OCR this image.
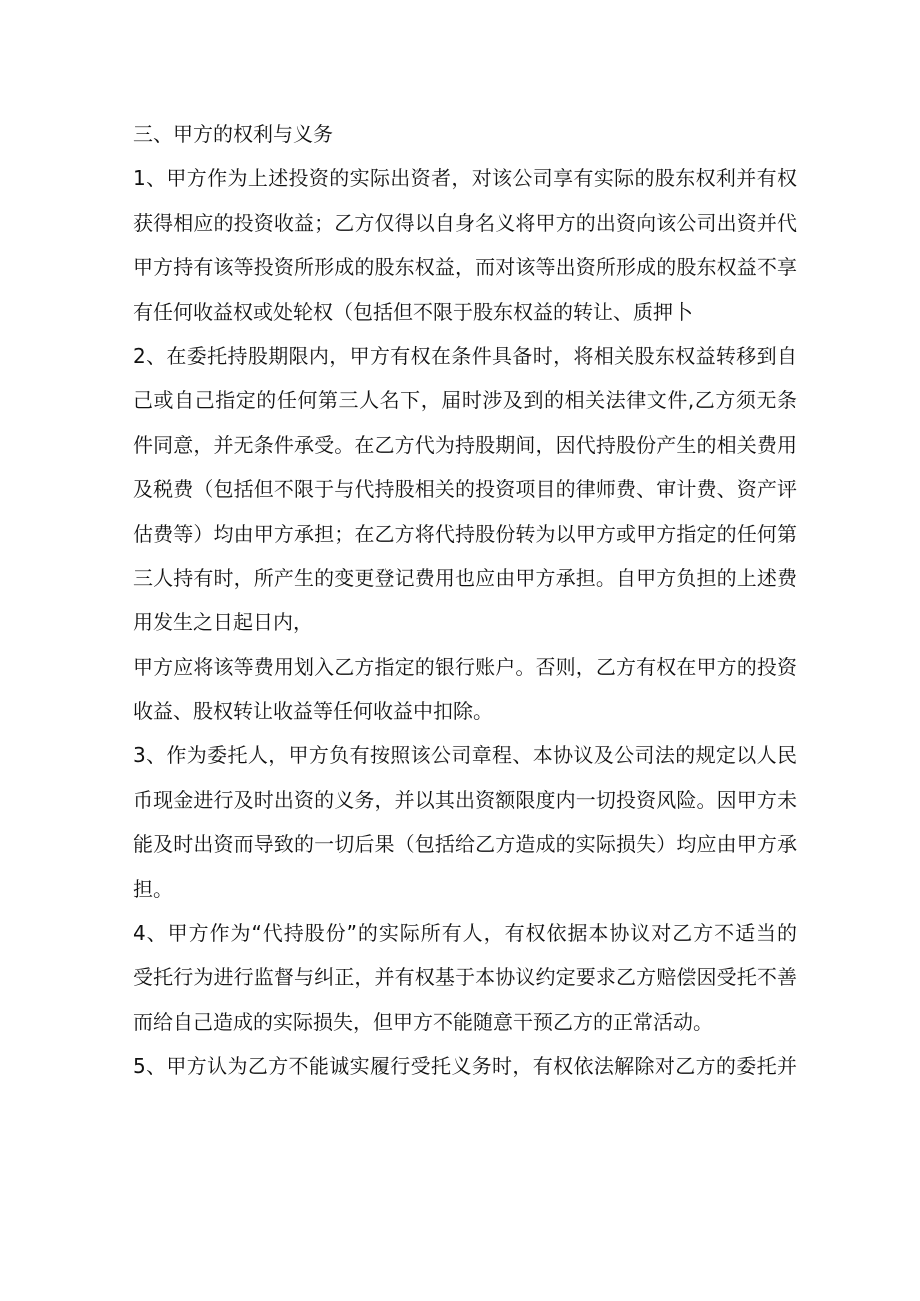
三、甲方的权利与义务
1、甲方作为上述投资的实际出资者，对该公司享有实际的股东权利并有权
获得相应的投资收益；乙方仅得以自身名义将甲方的出资向该公司出资并代
甲方持有该等投资所形成的股东权益，而对该等出资所形成的股东权益不享
有任何收益权或处轮权（包括但不限于股东权益的转让、质押卜
2、在委托持股期限内，甲方有权在条件具备时，将相关股东权益转移到自
己或自己指定的任何第三人名下，届时涉及到的相关法律文件,乙方须无条
件同意，并无条件承受。在乙方代为持股期间，因代持股份产生的相关费用
及税费（包括但不限于与代持股相关的投资项目的律师费、审计费、资产评
估费等）均由甲方承担；在乙方将代持股份转为以甲方或甲方指定的任何第
三人持有时，所产生的变更登记费用也应由甲方承担。自甲方负担的上述费
用发生之日起日内，
甲方应将该等费用划入乙方指定的银行账户。否则，乙方有权在甲方的投资
收益、股权转让收益等任何收益中扣除。
3、作为委托人，甲方负有按照该公司章程、本协议及公司法的规定以人民
币现金进行及时出资的义务，并以其出资额限度内一切投资风险。因甲方未
能及时出资而导致的一切后果（包括给乙方造成的实际损失）均应由甲方承
担。
4、甲方作为“代持股份”的实际所有人，有权依据本协议对乙方不适当的
受托行为进行监督与纠正，并有权基于本协议约定要求乙方赔偿因受托不善
而给自己造成的实际损失，但甲方不能随意干预乙方的正常活动。
5、甲方认为乙方不能诚实履行受托义务时，有权依法解除对乙方的委托并
